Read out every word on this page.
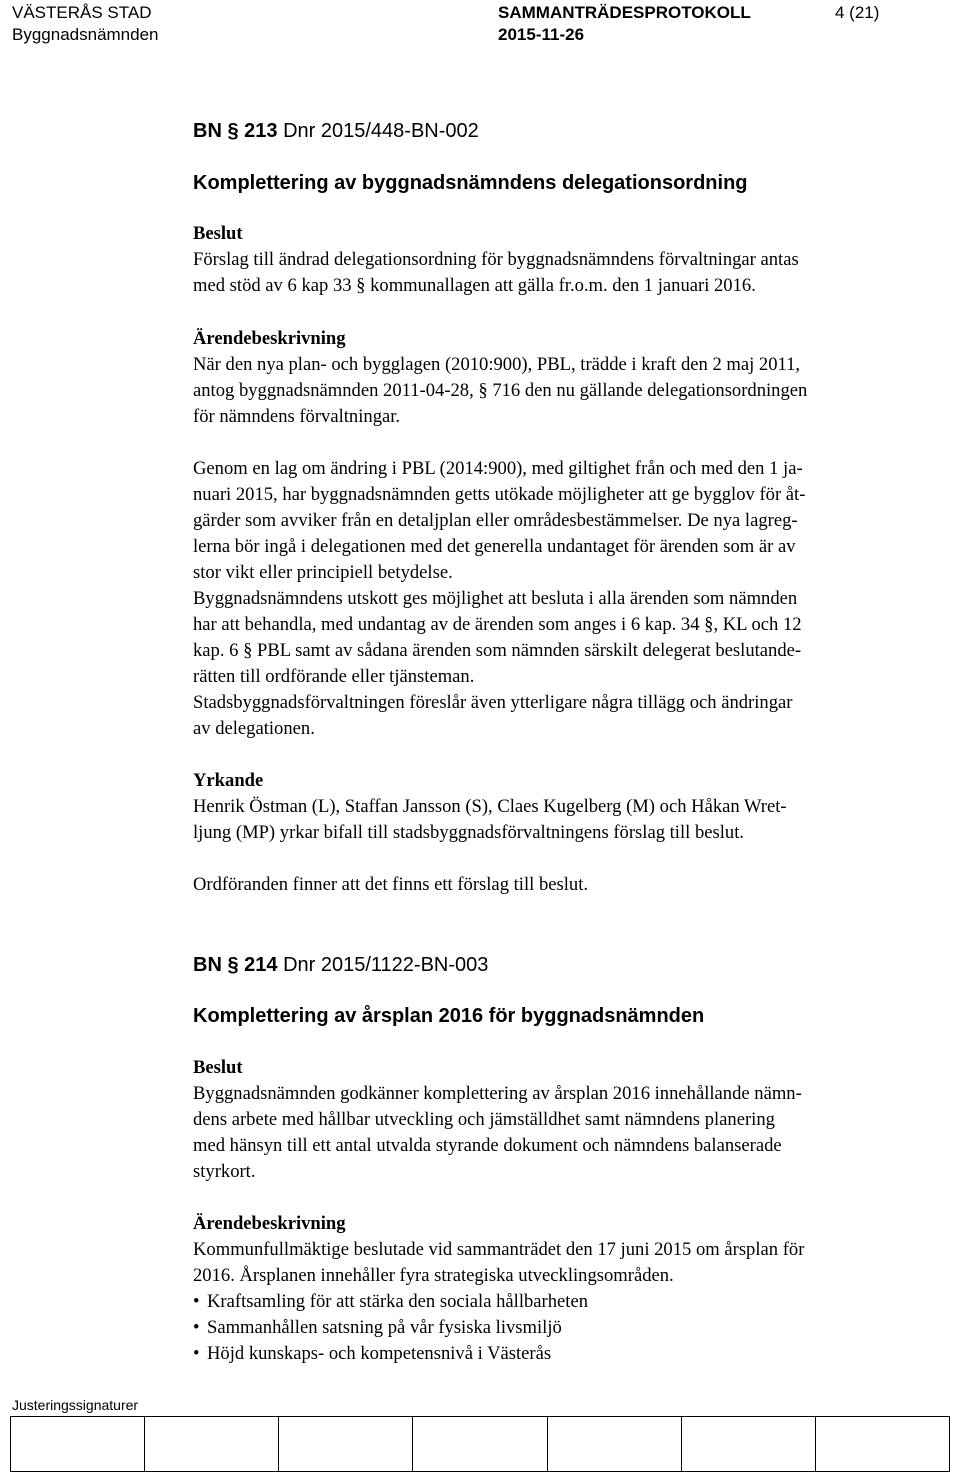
VÄSTERÅS STAD
Byggnadsnämnden
SAMMANTRÄDESPROTOKOLL
2015-11-26
4 (21)
BN § 213 Dnr 2015/448-BN-002
Komplettering av byggnadsnämndens delegationsordning

Beslut

Förslag till ändrad delegationsordning för byggnadsnämndens förvaltningar antas
med stöd av 6 kap 33 § kommunallagen att gälla fr.o.m. den 1 januari 2016.

Ärendebeskrivning

När den nya plan- och bygglagen (2010:900), PBL, trädde i kraft den 2 maj 2011,
antog byggnadsnämnden 2011-04-28, § 716 den nu gällande delegationsordningen
för nämndens förvaltningar.

Genom en lag om ändring i PBL (2014:900), med giltighet från och med den 1 ja-
nuari 2015, har byggnadsnämnden getts utökade möjligheter att ge bygglov för åt-
gärder som avviker från en detaljplan eller områdesbestämmelser. De nya lagreg-
lerna bör ingå i delegationen med det generella undantaget för ärenden som är av
stor vikt eller principiell betydelse.
Byggnadsnämndens utskott ges möjlighet att besluta i alla ärenden som nämnden
har att behandla, med undantag av de ärenden som anges i 6 kap. 34 §, KL och 12
kap. 6 § PBL samt av sådana ärenden som nämnden särskilt delegerat beslutande-
rätten till ordförande eller tjänsteman.
Stadsbyggnadsförvaltningen föreslår även ytterligare några tillägg och ändringar
av delegationen.

Yrkande

Henrik Östman (L), Staffan Jansson (S), Claes Kugelberg (M) och Håkan Wret-
ljung (MP) yrkar bifall till stadsbyggnadsförvaltningens förslag till beslut.

Ordföranden finner att det finns ett förslag till beslut.

BN § 214 Dnr 2015/1122-BN-003
Komplettering av årsplan 2016 för byggnadsnämnden

Beslut

Byggnadsnämnden godkänner komplettering av årsplan 2016 innehållande nämn-
dens arbete med hållbar utveckling och jämställdhet samt nämndens planering
med hänsyn till ett antal utvalda styrande dokument och nämndens balanserade
styrkort.

Ärendebeskrivning

Kommunfullmäktige beslutade vid sammanträdet den 17 juni 2015 om årsplan för
2016. Årsplanen innehåller fyra strategiska utvecklingsområden.

• Kraftsamling för att stärka den sociala hållbarheten
• Sammanhållen satsning på vår fysiska livsmiljö
• Höjd kunskaps- och kompetensnivå i Västerås
Justeringssignaturer
